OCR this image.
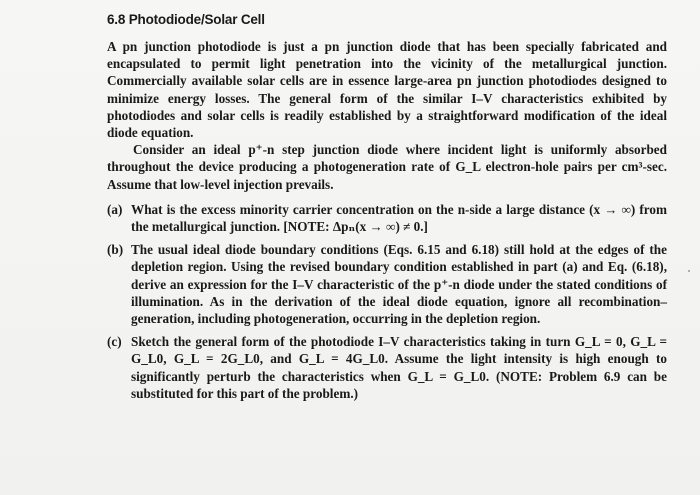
6.8 Photodiode/Solar Cell

A pn junction photodiode is just a pn junction diode that has been specially fabricated and encapsulated to permit light penetration into the vicinity of the metallurgical junction. Commercially available solar cells are in essence large-area pn junction photodiodes designed to minimize energy losses. The general form of the similar I–V characteristics exhibited by photodiodes and solar cells is readily established by a straightforward modification of the ideal diode equation.

Consider an ideal p⁺-n step junction diode where incident light is uniformly absorbed throughout the device producing a photogeneration rate of G_L electron-hole pairs per cm³-sec. Assume that low-level injection prevails.

(a) What is the excess minority carrier concentration on the n-side a large distance (x → ∞) from the metallurgical junction. [NOTE: Δpₙ(x → ∞) ≠ 0.]
(b) The usual ideal diode boundary conditions (Eqs. 6.15 and 6.18) still hold at the edges of the depletion region. Using the revised boundary condition established in part (a) and Eq. (6.18), derive an expression for the I–V characteristic of the p⁺-n diode under the stated conditions of illumination. As in the derivation of the ideal diode equation, ignore all recombination–generation, including photogeneration, occurring in the depletion region.
(c) Sketch the general form of the photodiode I–V characteristics taking in turn G_L = 0, G_L = G_L0, G_L = 2G_L0, and G_L = 4G_L0. Assume the light intensity is high enough to significantly perturb the characteristics when G_L = G_L0. (NOTE: Problem 6.9 can be substituted for this part of the problem.)
